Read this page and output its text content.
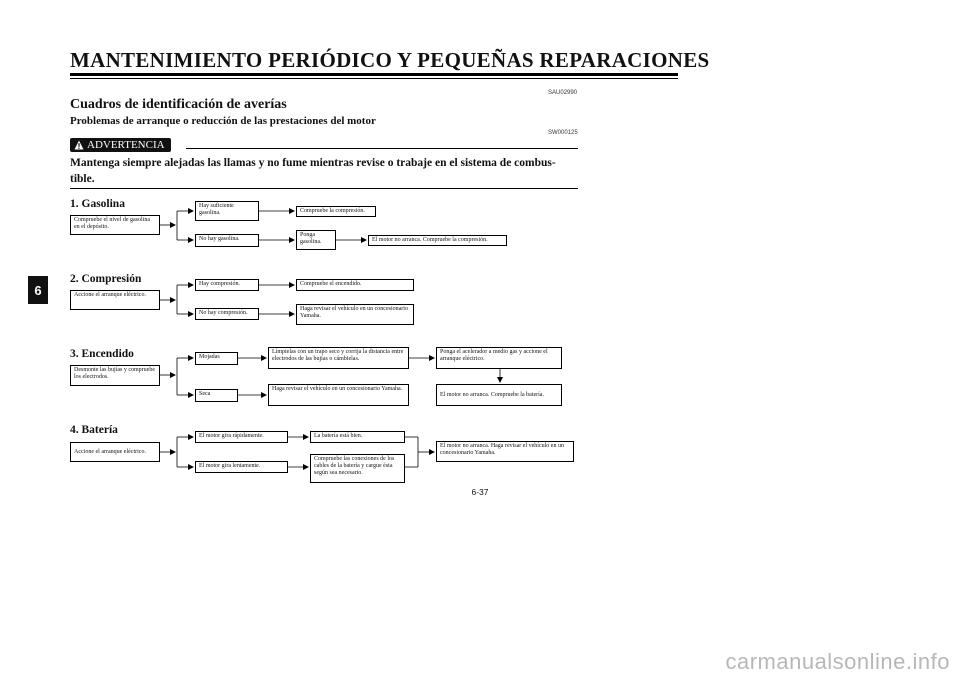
MANTENIMIENTO PERIÓDICO Y PEQUEÑAS REPARACIONES
6
SAU02990
Cuadros de identificación de averías
Problemas de arranque o reducción de las prestaciones del motor
SW000125
ADVERTENCIA
Mantenga siempre alejadas las llamas y no fume mientras revise o trabaje en el sistema de combus-tible.
1. Gasolina
Compruebe el nivel de gasolina en el depósito.
Hay suficiente gasolina.	Compruebe la compresión.
No hay gasolina.
Ponga gasolina.	El motor no arranca. Compruebe la compresión.
2. Compresión
Accione el arranque eléctrico.
Hay compresión.	Compruebe el encendido.
No hay compresión.
Haga revisar el vehículo en un concesionario Yamaha.
3. Encendido
Desmonte las bujías y compruebe los electrodos.
Mojadas
Límpielas con un trapo seco y corrija la distancia entre electrodos de las bujías o cámbielas.
Ponga el acelerador a medio gas y accione el arranque eléctrico.
El motor no arranca. Compruebe la batería.
Seca
Haga revisar el vehículo en un concesionario Yamaha.
4. Batería
Accione el arranque eléctrico.
El motor gira rápidamente.	La batería está bien.
El motor gira lentamente.
Compruebe las conexiones de los cables de la batería y cargue ésta según sea necesario.
El motor no arranca. Haga revisar el vehículo en un concesionario Yamaha.
6-37
carmanualsonline.info
